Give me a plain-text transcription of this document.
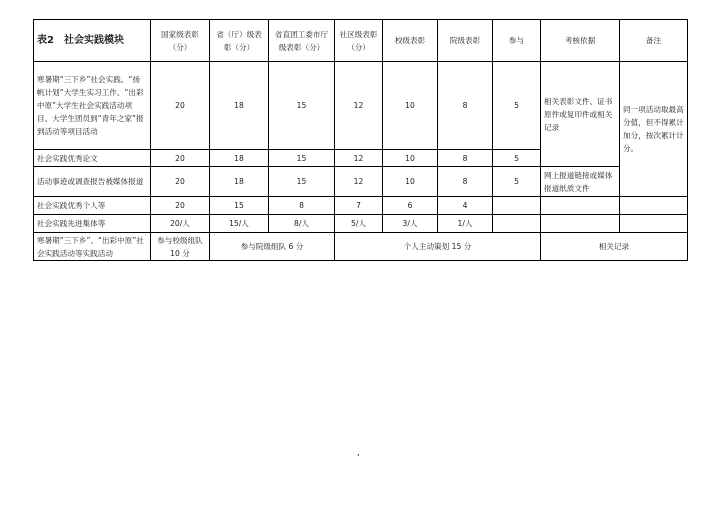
表2　社会实践模块	国家级表彰（分）	省（厅）级表彰（分）	省直团工委市厅级表彰（分）	社区级表彰（分）	校级表彰	院级表彰	参与	考核依据	备注	
寒暑期“三下乡”社会实践、“扬帆计划”大学生实习工作、“出彩中原”大学生社会实践活动项目、大学生团员到“青年之家”报到活动等项目活动	20	18	15	12	10	8	5	相关表彰文件、证书原件或复印件或相关记录	同一项活动取最高分值，但不得累计加分，按次累计计分。	
社会实践优秀论文	20	18	15	12	10	8	5			
活动事迹或调查报告被媒体报道	20	18	15	12	10	8	5	网上报道链接或媒体报道纸质文件		
社会实践优秀个人等	20	15	8	7	6	4				
社会实践先进集体等	20/人	15/人	8/人	5/人	3/人	1/人				
寒暑期“三下乡”、“出彩中原”社会实践活动等实践活动	参与校级组队 10 分	参与院级组队 6 分		个人主动策划 15 分				相关记录		
,
